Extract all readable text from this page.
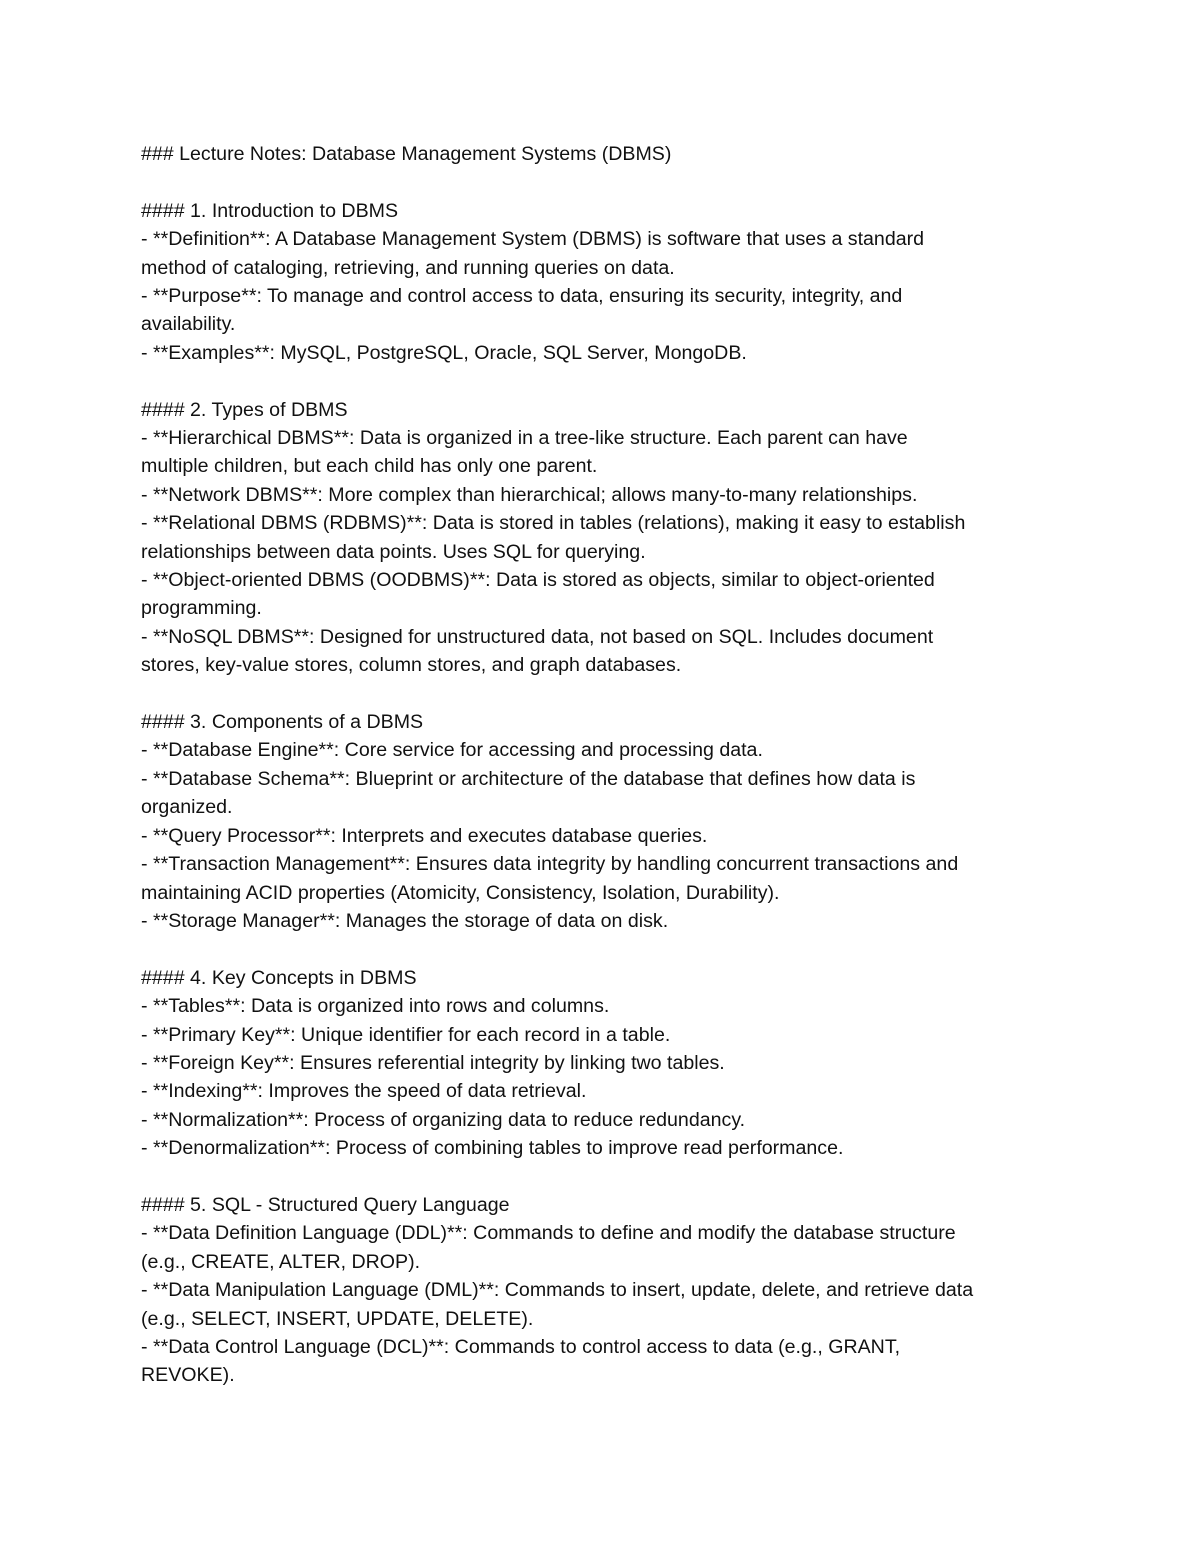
### Lecture Notes: Database Management Systems (DBMS)
#### 1. Introduction to DBMS
- **Definition**: A Database Management System (DBMS) is software that uses a standard
method of cataloging, retrieving, and running queries on data.
- **Purpose**: To manage and control access to data, ensuring its security, integrity, and
availability.
- **Examples**: MySQL, PostgreSQL, Oracle, SQL Server, MongoDB.
#### 2. Types of DBMS
- **Hierarchical DBMS**: Data is organized in a tree-like structure. Each parent can have
multiple children, but each child has only one parent.
- **Network DBMS**: More complex than hierarchical; allows many-to-many relationships.
- **Relational DBMS (RDBMS)**: Data is stored in tables (relations), making it easy to establish
relationships between data points. Uses SQL for querying.
- **Object-oriented DBMS (OODBMS)**: Data is stored as objects, similar to object-oriented
programming.
- **NoSQL DBMS**: Designed for unstructured data, not based on SQL. Includes document
stores, key-value stores, column stores, and graph databases.
#### 3. Components of a DBMS
- **Database Engine**: Core service for accessing and processing data.
- **Database Schema**: Blueprint or architecture of the database that defines how data is
organized.
- **Query Processor**: Interprets and executes database queries.
- **Transaction Management**: Ensures data integrity by handling concurrent transactions and
maintaining ACID properties (Atomicity, Consistency, Isolation, Durability).
- **Storage Manager**: Manages the storage of data on disk.
#### 4. Key Concepts in DBMS
- **Tables**: Data is organized into rows and columns.
- **Primary Key**: Unique identifier for each record in a table.
- **Foreign Key**: Ensures referential integrity by linking two tables.
- **Indexing**: Improves the speed of data retrieval.
- **Normalization**: Process of organizing data to reduce redundancy.
- **Denormalization**: Process of combining tables to improve read performance.
#### 5. SQL - Structured Query Language
- **Data Definition Language (DDL)**: Commands to define and modify the database structure
(e.g., CREATE, ALTER, DROP).
- **Data Manipulation Language (DML)**: Commands to insert, update, delete, and retrieve data
(e.g., SELECT, INSERT, UPDATE, DELETE).
- **Data Control Language (DCL)**: Commands to control access to data (e.g., GRANT,
REVOKE).
